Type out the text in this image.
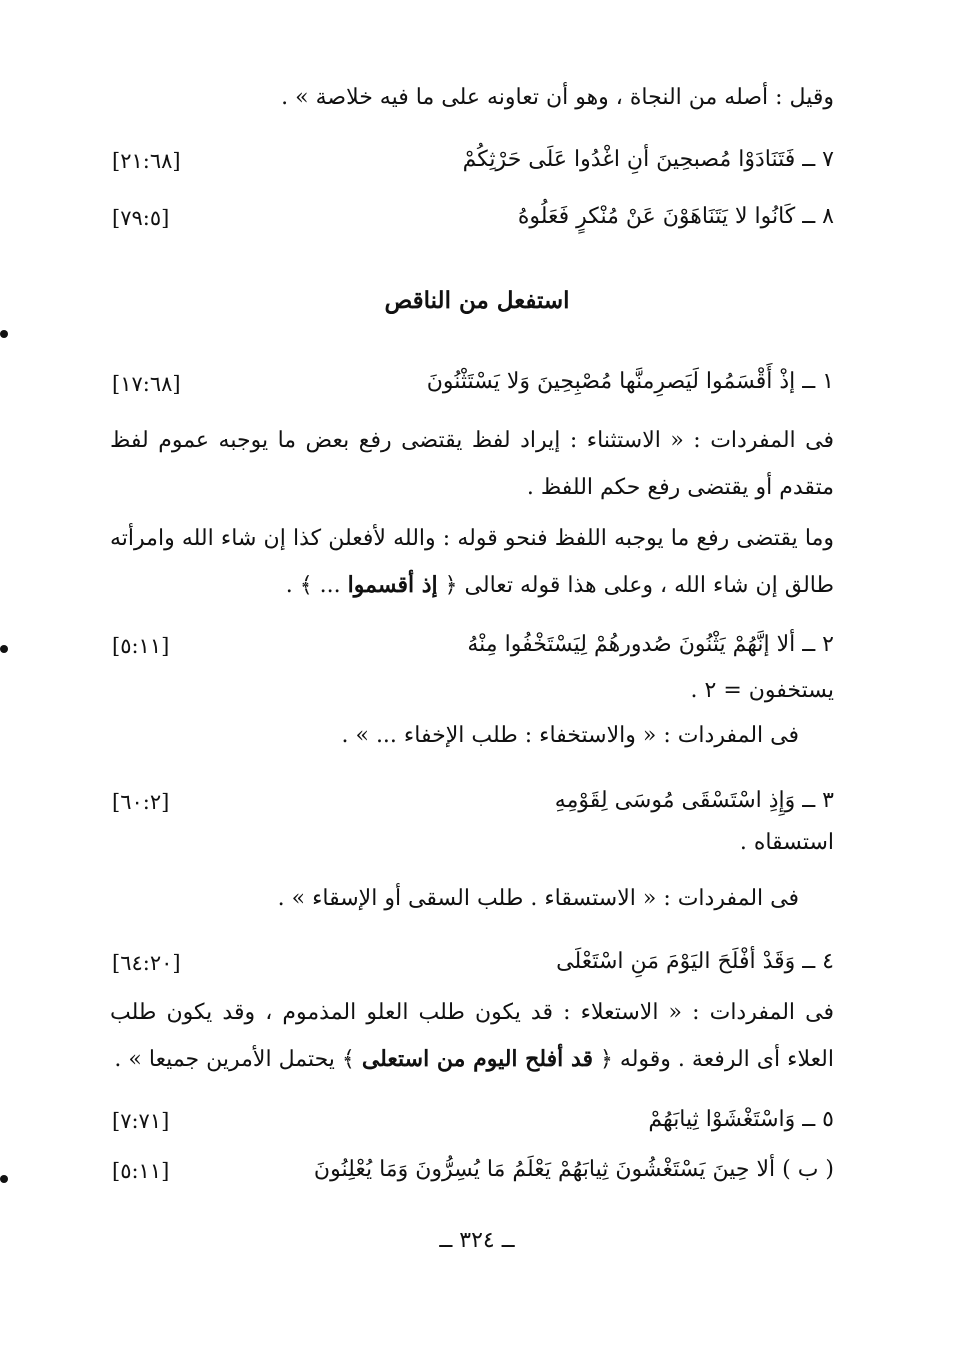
وقيل : أصله من النجاة ، وهو أن تعاونه على ما فيه خلاصة » .
٧ ــ فَتَنَادَوْا مُصبحِينَ أنِ اغْدُوا عَلَى حَرْثِكُمْ
[٢١:٦٨]
٨ ــ كَانُوا لا يَتَنَاهَوْنَ عَنْ مُنْكرٍ فَعَلُوهُ
[٧٩:٥]
استفعل من الناقص
١ ــ إذْ أَقْسَمُوا لَيَصرِمنَّها مُصْبِحِينَ وَلا يَسْتَثْنُونَ
[١٧:٦٨]
فى المفردات : « الاستثناء : إيراد لفظ يقتضى رفع بعض ما يوجبه عموم لفظ
متقدم أو يقتضى رفع حكم اللفظ .
وما يقتضى رفع ما يوجبه اللفظ فنحو قوله : والله لأفعلن كذا إن شاء الله وامرأته
طالق إن شاء الله ، وعلى هذا قوله تعالى ﴿ إذ أقسموا ... ﴾ .
٢ ــ ألا إنَّهُمْ يَثْنُونَ صُدورهُمْ لِيَسْتَخْفُوا مِنْهُ
[٥:١١]
يستخفون = ٢ .
فى المفردات : « والاستخفاء : طلب الإخفاء ... » .
٣ ــ وَإِذِ اسْتَسْقَى مُوسَى لِقَوْمِهِ
[٦٠:٢]
استسقاه .
فى المفردات : « الاستسقاء . طلب السقى أو الإسقاء » .
٤ ــ وَقَدْ أفْلَحَ اليَوْمَ مَنِ اسْتَعْلَى
[٦٤:٢٠]
فى المفردات : « الاستعلاء : قد يكون طلب العلو المذموم ، وقد يكون طلب
العلاء أى الرفعة . وقوله ﴿ قد أفلح اليوم من استعلى ﴾ يحتمل الأمرين جميعا » .
٥ ــ وَاسْتَغْشَوْا ثِيابَهُمْ
[٧:٧١]
( ب ) ألا حِينَ يَسْتَغْشُونَ ثِيابَهُمْ يَعْلَمُ مَا يُسِرُّونَ وَمَا يُعْلِنُونَ
[٥:١١]
ــ ٣٢٤ ــ
